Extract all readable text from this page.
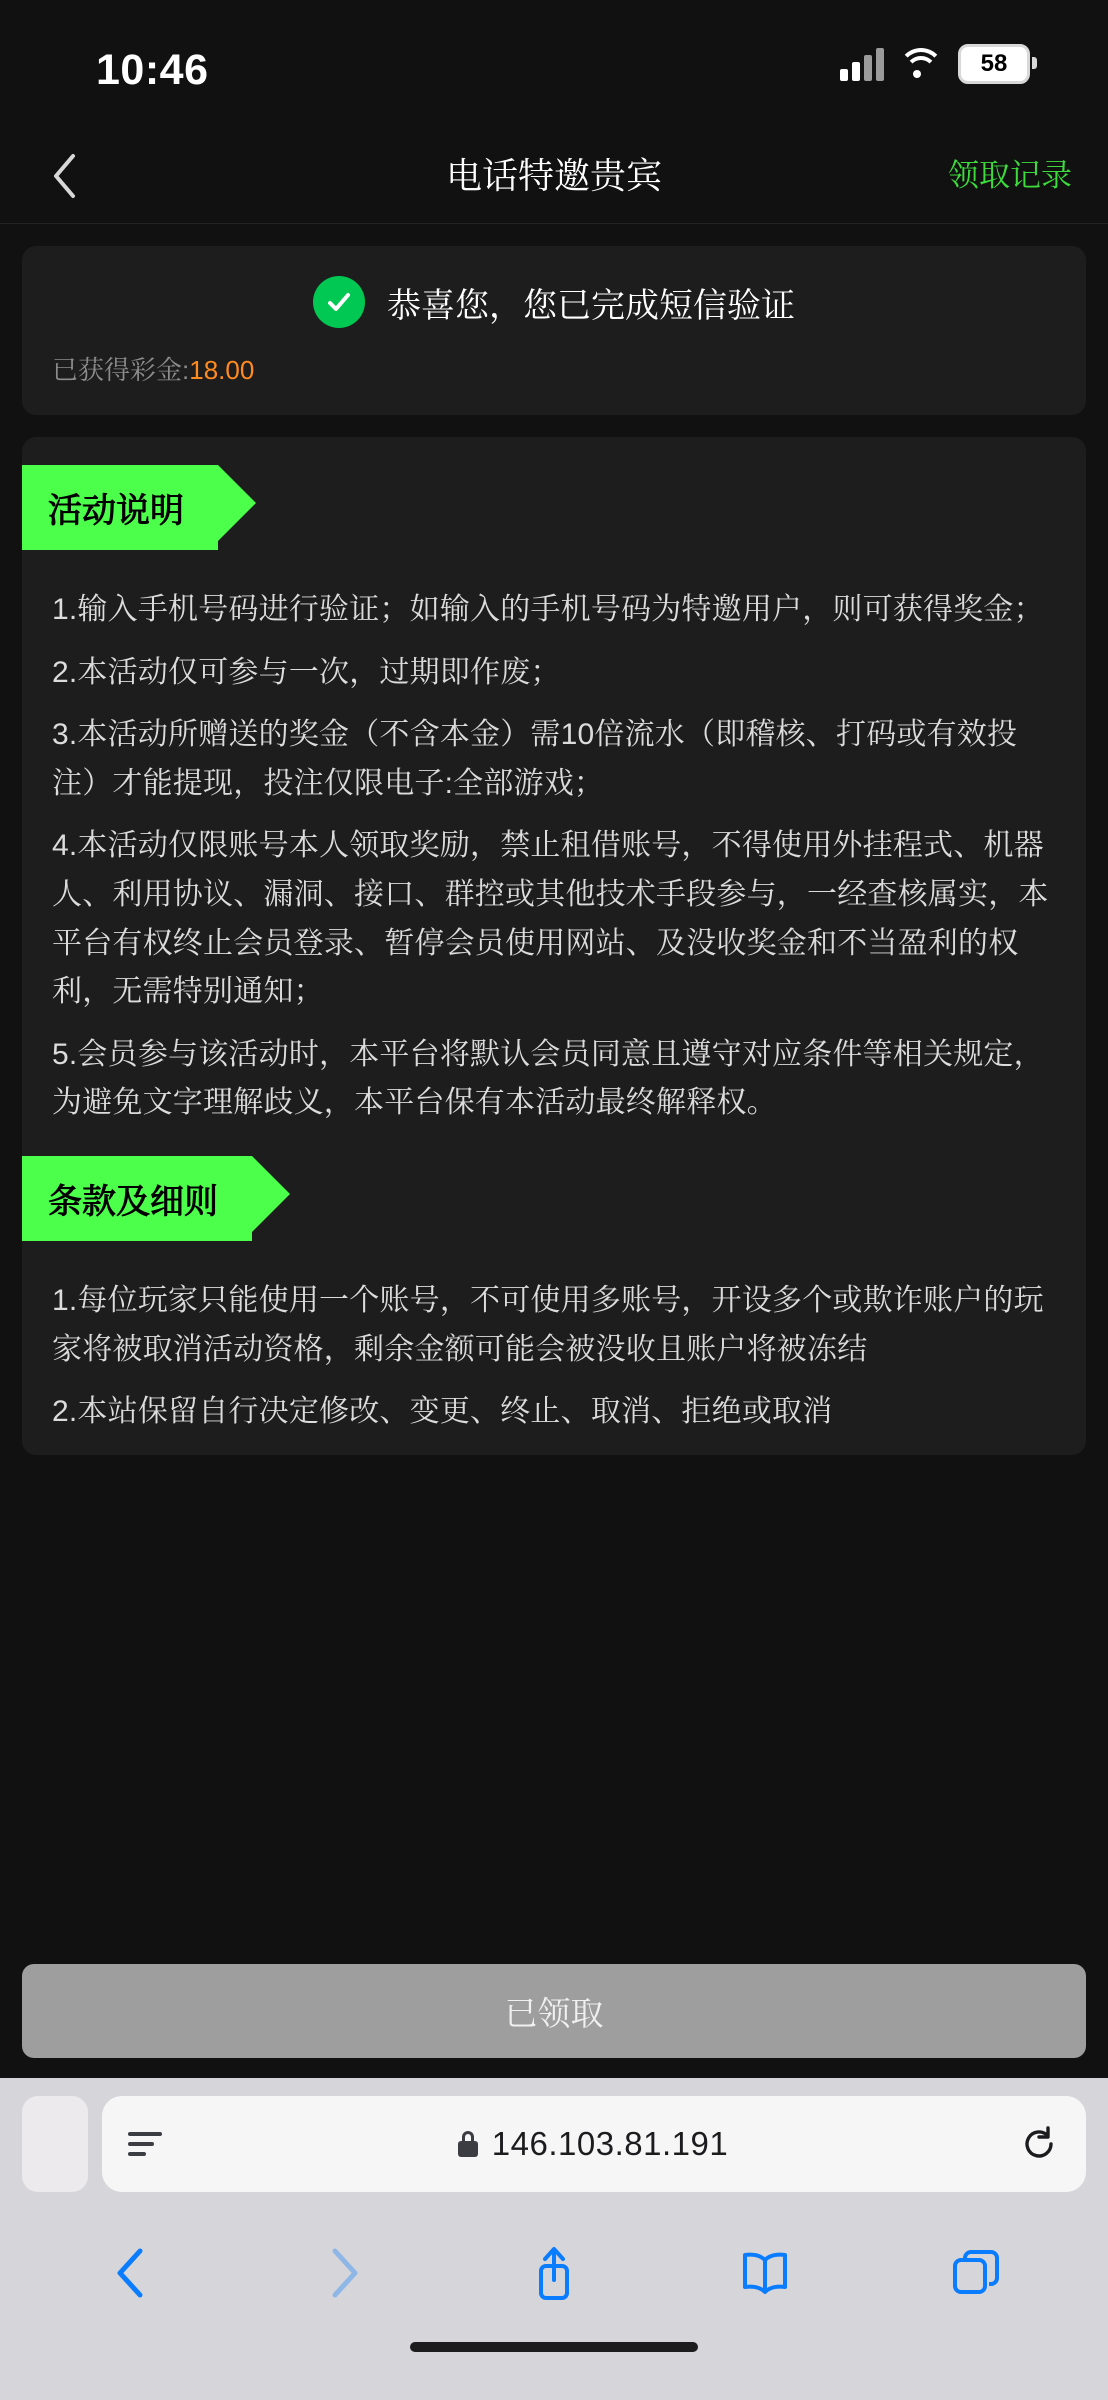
10:46	58
电话特邀贵宾	领取记录
恭喜您，您已完成短信验证
已获得彩金:18.00
活动说明

1.输入手机号码进行验证；如输入的手机号码为特邀用户，则可获得奖金；

2.本活动仅可参与一次，过期即作废；

3.本活动所赠送的奖金（不含本金）需10倍流水（即稽核、打码或有效投注）才能提现，投注仅限电子:全部游戏；

4.本活动仅限账号本人领取奖励，禁止租借账号，不得使用外挂程式、机器人、利用协议、漏洞、接口、群控或其他技术手段参与，一经查核属实，本平台有权终止会员登录、暂停会员使用网站、及没收奖金和不当盈利的权利，无需特别通知；

5.会员参与该活动时，本平台将默认会员同意且遵守对应条件等相关规定，为避免文字理解歧义，本平台保有本活动最终解释权。

条款及细则

1.每位玩家只能使用一个账号，不可使用多账号，开设多个或欺诈账户的玩家将被取消活动资格，剩余金额可能会被没收且账户将被冻结

2.本站保留自行决定修改、变更、终止、取消、拒绝或取消

已领取
146.103.81.191
